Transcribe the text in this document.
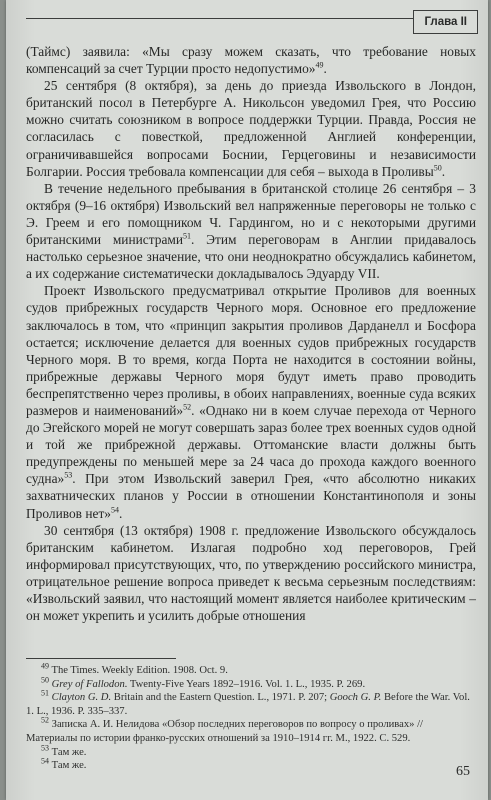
Глава II

(Таймс) заявила: «Мы сразу можем сказать, что требование новых компенсаций за счет Турции просто недопустимо»$^{49}$.

25 сентября (8 октября), за день до приезда Извольского в Лондон, британский посол в Петербурге А. Никольсон уведомил Грея, что Россию можно считать союзником в вопросе поддержки Турции. Правда, Россия не согласилась с повесткой, предложенной Англией конференции, ограничивавшейся вопросами Боснии, Герцеговины и независимости Болгарии. Россия требовала компенсации для себя – выхода в Проливы$^{50}$.

В течение недельного пребывания в британской столице 26 сентября – 3 октября (9–16 октября) Извольский вел напряженные переговоры не только с Э. Греем и его помощником Ч. Гардингом, но и с некоторыми другими британскими министрами$^{51}$. Этим переговорам в Англии придавалось настолько серьезное значение, что они неоднократно обсуждались кабинетом, а их содержание систематически докладывалось Эдуарду VII.

Проект Извольского предусматривал открытие Проливов для военных судов прибрежных государств Черного моря. Основное его предложение заключалось в том, что «принцип закрытия проливов Дарданелл и Босфора остается; исключение делается для военных судов прибрежных государств Черного моря. В то время, когда Порта не находится в состоянии войны, прибрежные державы Черного моря будут иметь право проводить беспрепятственно через проливы, в обоих направлениях, военные суда всяких размеров и наименований»$^{52}$. «Однако ни в коем случае перехода от Черного до Эгейского морей не могут совершать зараз более трех военных судов одной и той же прибрежной державы. Оттоманские власти должны быть предупреждены по меньшей мере за 24 часа до прохода каждого военного судна»$^{53}$. При этом Извольский заверил Грея, «что абсолютно никаких захватнических планов у России в отношении Константинополя и зоны Проливов нет»$^{54}$.

30 сентября (13 октября) 1908 г. предложение Извольского обсуждалось британским кабинетом. Излагая подробно ход переговоров, Грей информировал присутствующих, что, по утверждению российского министра, отрицательное решение вопроса приведет к весьма серьезным последствиям: «Извольский заявил, что настоящий момент является наиболее критическим – он может укрепить и усилить добрые отношения

$^{49}$ The Times. Weekly Edition. 1908. Oct. 9.

$^{50}$ Grey of Fallodon. Twenty-Five Years 1892–1916. Vol. 1. L., 1935. P. 269.

$^{51}$ Clayton G. D. Britain and the Eastern Question. L., 1971. P. 207; Gooch G. P. Before the War. Vol. 1. L., 1936. P. 335–337.

$^{52}$ Записка А. И. Нелидова «Обзор последних переговоров по вопросу о проливах» // Материалы по истории франко-русских отношений за 1910–1914 гг. М., 1922. С. 529.

$^{53}$ Там же.

$^{54}$ Там же.	65
